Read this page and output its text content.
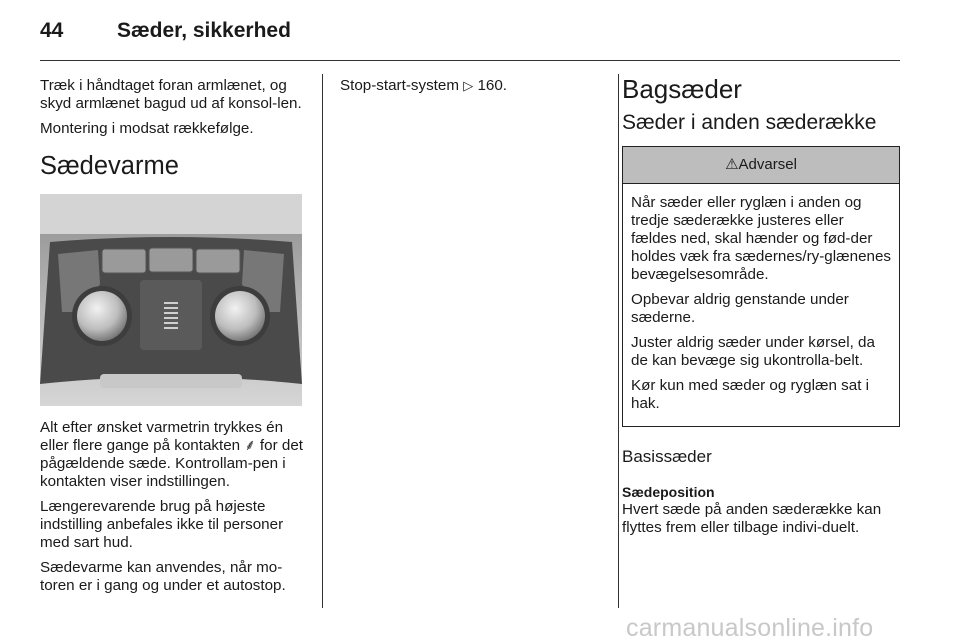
44	Sæder, sikkerhed

Træk i håndtaget foran armlænet, og skyd armlænet bagud ud af konsol-len.

Montering i modsat rækkefølge.

Sædevarme

Alt efter ønsket varmetrin trykkes én eller flere gange på kontakten ⸙ for det pågældende sæde. Kontrollam-pen i kontakten viser indstillingen.

Længerevarende brug på højeste indstilling anbefales ikke til personer med sart hud.

Sædevarme kan anvendes, når mo-toren er i gang og under et autostop.

Stop-start-system ▷ 160.	Bagsæder
Sæder i anden sæderække
⚠Advarsel

Når sæder eller ryglæn i anden og tredje sæderække justeres eller fældes ned, skal hænder og fød-der holdes væk fra sædernes/ry-glænenes bevægelsesområde.

Opbevar aldrig genstande under sæderne.

Juster aldrig sæder under kørsel, da de kan bevæge sig ukontrolla-belt.

Kør kun med sæder og ryglæn sat i hak.

Basissæder
Sædeposition

Hvert sæde på anden sæderække kan flyttes frem eller tilbage indivi-duelt.

carmanualsonline.info
